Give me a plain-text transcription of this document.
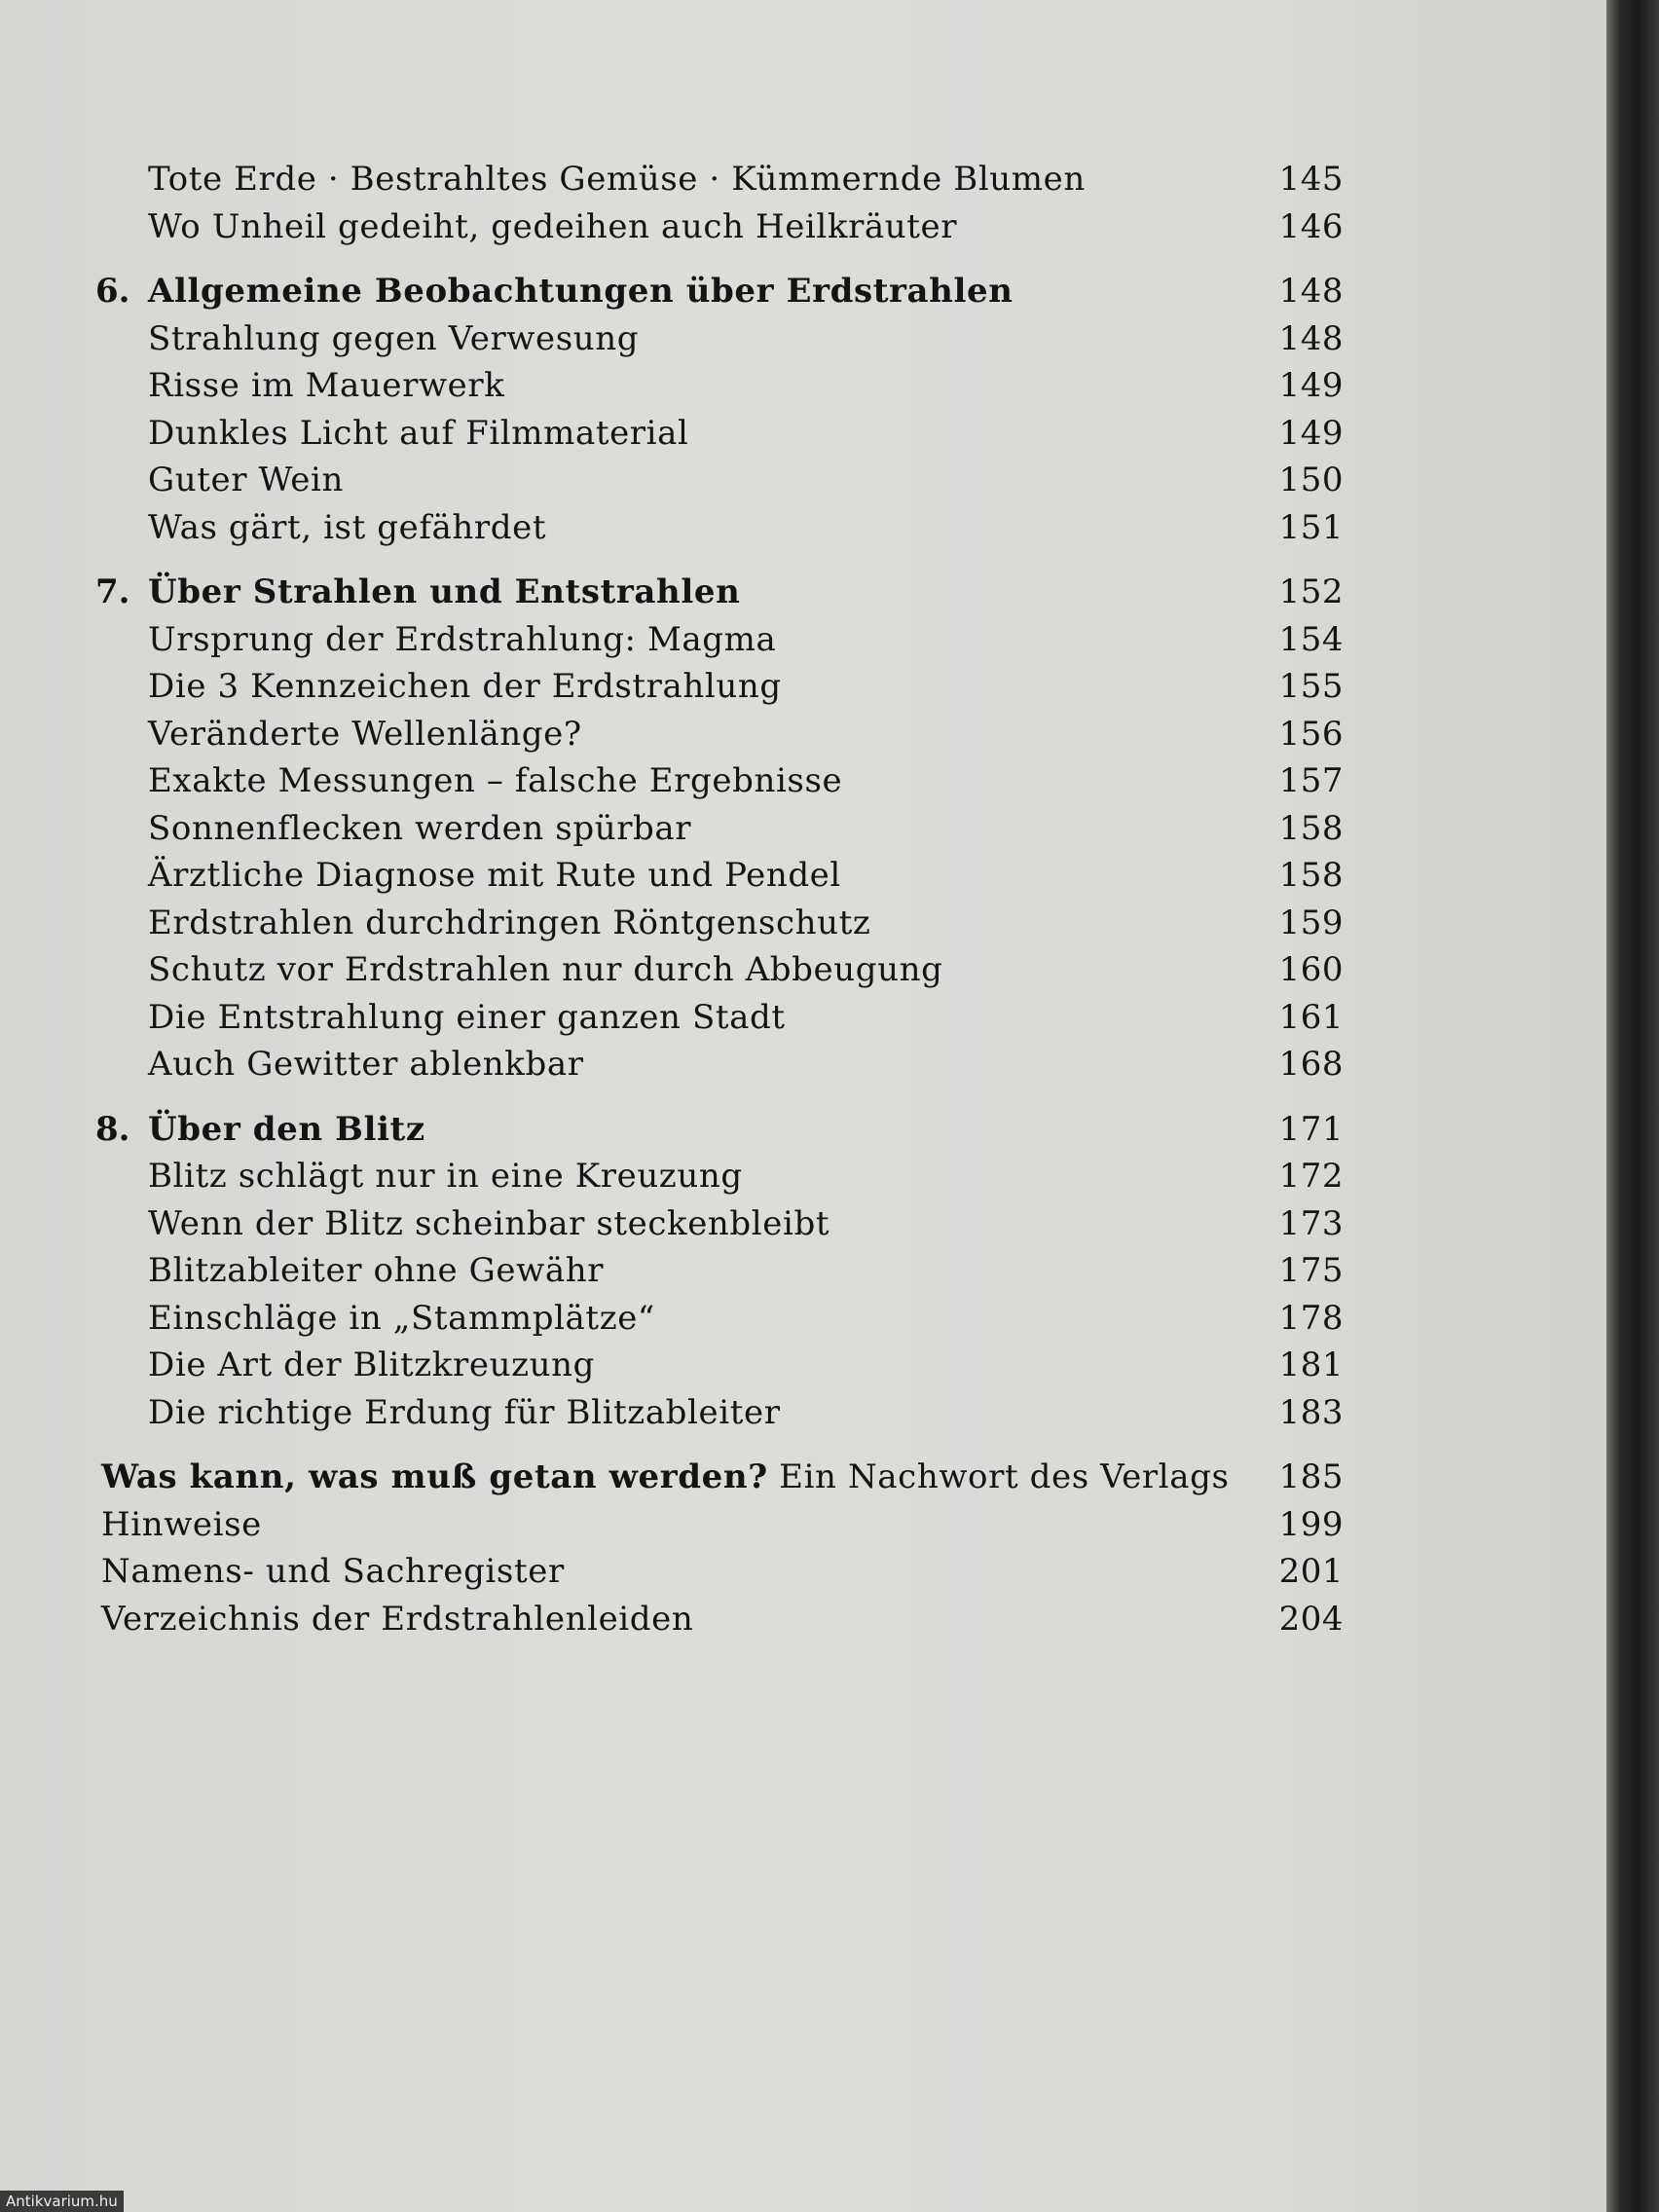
Tote Erde · Bestrahltes Gemüse · Kümmernde Blumen	145
Wo Unheil gedeiht, gedeihen auch Heilkräuter	146
6. Allgemeine Beobachtungen über Erdstrahlen	148
Strahlung gegen Verwesung	148
Risse im Mauerwerk	149
Dunkles Licht auf Filmmaterial	149
Guter Wein	150
Was gärt, ist gefährdet	151
7. Über Strahlen und Entstrahlen	152
Ursprung der Erdstrahlung: Magma	154
Die 3 Kennzeichen der Erdstrahlung	155
Veränderte Wellenlänge?	156
Exakte Messungen – falsche Ergebnisse	157
Sonnenflecken werden spürbar	158
Ärztliche Diagnose mit Rute und Pendel	158
Erdstrahlen durchdringen Röntgenschutz	159
Schutz vor Erdstrahlen nur durch Abbeugung	160
Die Entstrahlung einer ganzen Stadt	161
Auch Gewitter ablenkbar	168
8. Über den Blitz	171
Blitz schlägt nur in eine Kreuzung	172
Wenn der Blitz scheinbar steckenbleibt	173
Blitzableiter ohne Gewähr	175
Einschläge in „Stammplätze“	178
Die Art der Blitzkreuzung	181
Die richtige Erdung für Blitzableiter	183
Was kann, was muß getan werden? Ein Nachwort des Verlags	185
Hinweise	199
Namens- und Sachregister	201
Verzeichnis der Erdstrahlenleiden	204
Antikvarium.hu
